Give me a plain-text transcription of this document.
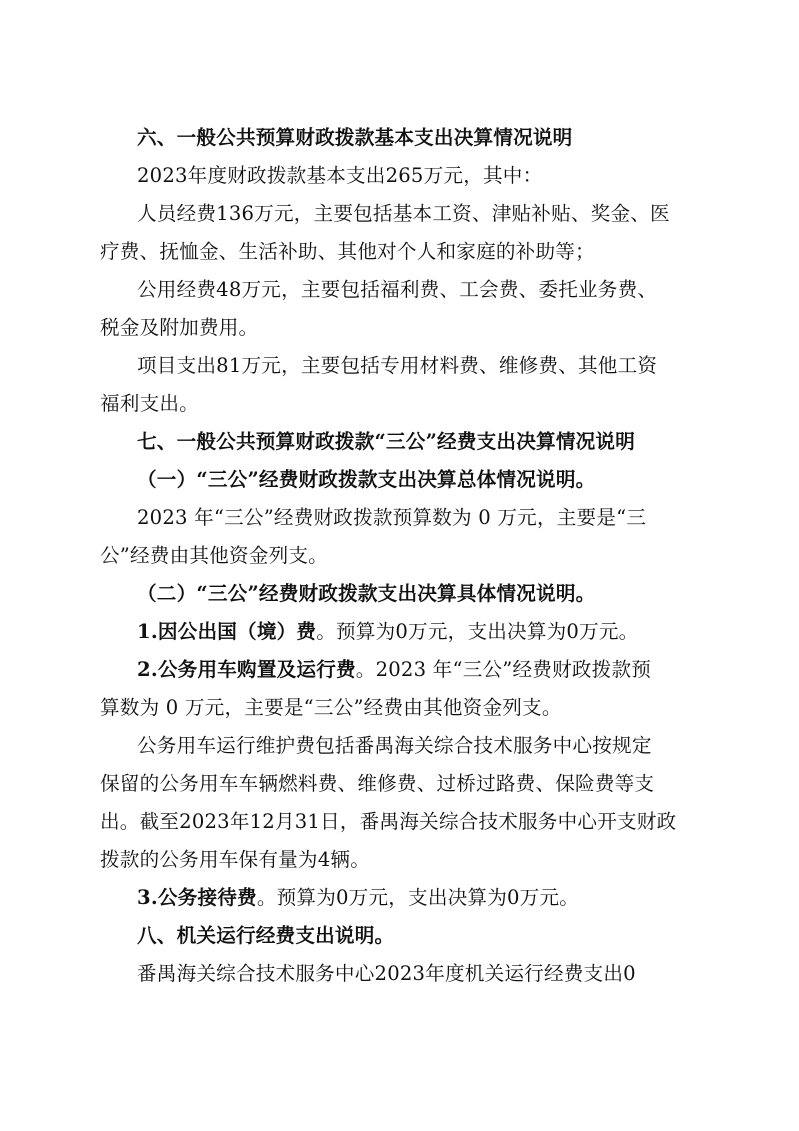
六、一般公共预算财政拨款基本支出决算情况说明

2023年度财政拨款基本支出265万元，其中：

人员经费136万元，主要包括基本工资、津贴补贴、奖金、医

疗费、抚恤金、生活补助、其他对个人和家庭的补助等；

公用经费48万元，主要包括福利费、工会费、委托业务费、

税金及附加费用。

项目支出81万元，主要包括专用材料费、维修费、其他工资

福利支出。

七、一般公共预算财政拨款“三公”经费支出决算情况说明

（一）“三公”经费财政拨款支出决算总体情况说明。

2023 年“三公”经费财政拨款预算数为 0 万元，主要是“三

公”经费由其他资金列支。

（二）“三公”经费财政拨款支出决算具体情况说明。

1.因公出国（境）费。预算为0万元，支出决算为0万元。

2.公务用车购置及运行费。2023 年“三公”经费财政拨款预

算数为 0 万元，主要是“三公”经费由其他资金列支。

公务用车运行维护费包括番禺海关综合技术服务中心按规定

保留的公务用车车辆燃料费、维修费、过桥过路费、保险费等支

出。截至2023年12月31日，番禺海关综合技术服务中心开支财政

拨款的公务用车保有量为4辆。

3.公务接待费。预算为0万元，支出决算为0万元。

八、机关运行经费支出说明。

番禺海关综合技术服务中心2023年度机关运行经费支出0
